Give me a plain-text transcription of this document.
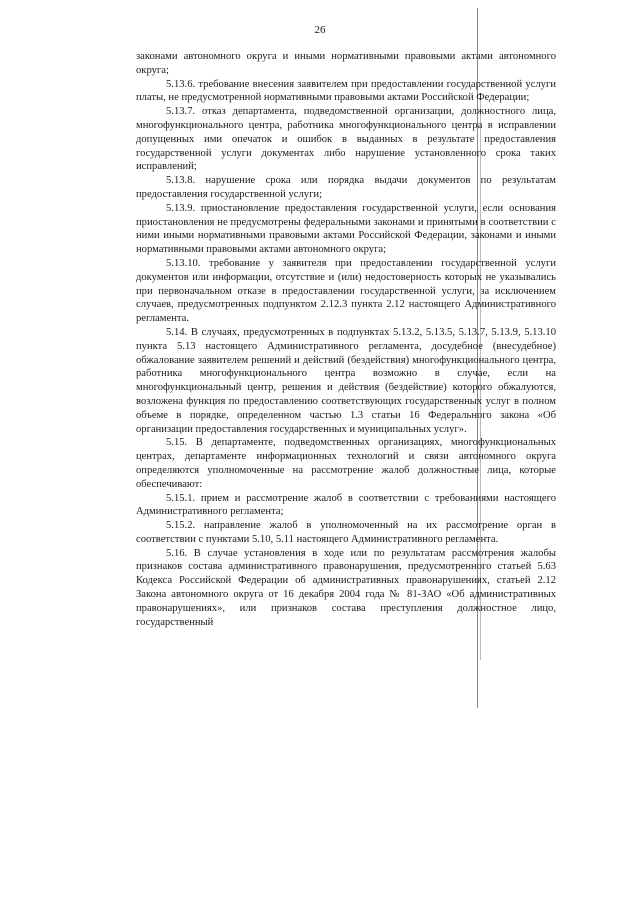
26

законами автономного округа и иными нормативными правовыми актами автономного округа;

5.13.6. требование внесения заявителем при предоставлении государственной услуги платы, не предусмотренной нормативными правовыми актами Российской Федерации;

5.13.7. отказ департамента, подведомственной организации, должностного лица, многофункционального центра, работника многофункционального центра в исправлении допущенных ими опечаток и ошибок в выданных в результате предоставления государственной услуги документах либо нарушение установленного срока таких исправлений;

5.13.8. нарушение срока или порядка выдачи документов по результатам предоставления государственной услуги;

5.13.9. приостановление предоставления государственной услуги, если основания приостановления не предусмотрены федеральными законами и принятыми в соответствии с ними иными нормативными правовыми актами Российской Федерации, законами и иными нормативными правовыми актами автономного округа;

5.13.10. требование у заявителя при предоставлении государственной услуги документов или информации, отсутствие и (или) недостоверность которых не указывались при первоначальном отказе в предоставлении государственной услуги, за исключением случаев, предусмотренных подпунктом 2.12.3 пункта 2.12 настоящего Административного регламента.

5.14. В случаях, предусмотренных в подпунктах 5.13.2, 5.13.5, 5.13.7, 5.13.9, 5.13.10 пункта 5.13 настоящего Административного регламента, досудебное (внесудебное) обжалование заявителем решений и действий (бездействия) многофункционального центра, работника многофункционального центра возможно в случае, если на многофункциональный центр, решения и действия (бездействие) которого обжалуются, возложена функция по предоставлению соответствующих государственных услуг в полном объеме в порядке, определенном частью 1.3 статьи 16 Федерального закона «Об организации предоставления государственных и муниципальных услуг».

5.15. В департаменте, подведомственных организациях, многофункциональных центрах, департаменте информационных технологий и связи автономного округа определяются уполномоченные на рассмотрение жалоб должностные лица, которые обеспечивают:

5.15.1. прием и рассмотрение жалоб в соответствии с требованиями настоящего Административного регламента;

5.15.2. направление жалоб в уполномоченный на их рассмотрение орган в соответствии с пунктами 5.10, 5.11 настоящего Административного регламента.

5.16. В случае установления в ходе или по результатам рассмотрения жалобы признаков состава административного правонарушения, предусмотренного статьей 5.63 Кодекса Российской Федерации об административных правонарушениях, статьей 2.12 Закона автономного округа от 16 декабря 2004 года № 81-ЗАО «Об административных правонарушениях», или признаков состава преступления должностное лицо, государственный
